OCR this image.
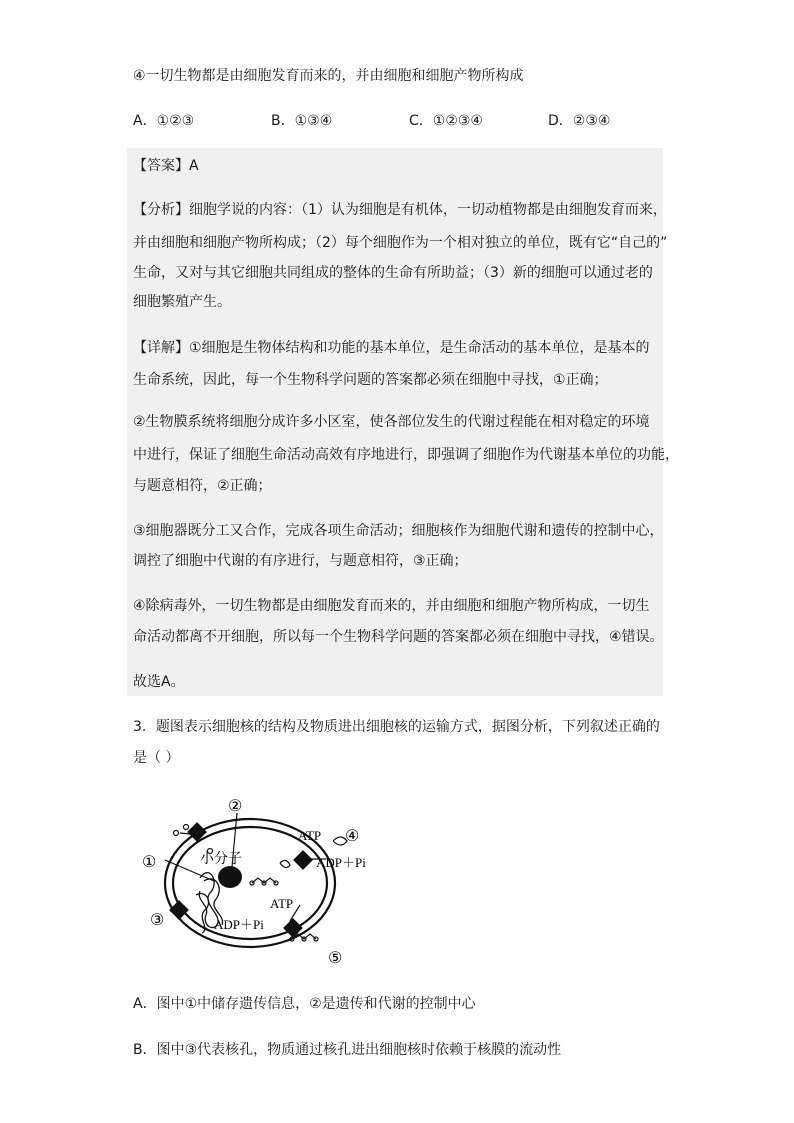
④一切生物都是由细胞发育而来的，并由细胞和细胞产物所构成
A．①②③	B．①③④	C．①②③④	D．②③④
【答案】A
【分析】细胞学说的内容：（1）认为细胞是有机体，一切动植物都是由细胞发育而来，
并由细胞和细胞产物所构成；（2）每个细胞作为一个相对独立的单位，既有它“自己的”
生命，又对与其它细胞共同组成的整体的生命有所助益；（3）新的细胞可以通过老的
细胞繁殖产生。
【详解】①细胞是生物体结构和功能的基本单位，是生命活动的基本单位，是基本的
生命系统，因此，每一个生物科学问题的答案都必须在细胞中寻找，①正确；
②生物膜系统将细胞分成许多小区室，使各部位发生的代谢过程能在相对稳定的环境
中进行，保证了细胞生命活动高效有序地进行，即强调了细胞作为代谢基本单位的功能，
与题意相符，②正确；
③细胞器既分工又合作，完成各项生命活动；细胞核作为细胞代谢和遗传的控制中心，
调控了细胞中代谢的有序进行，与题意相符，③正确；
④除病毒外，一切生物都是由细胞发育而来的，并由细胞和细胞产物所构成，一切生
命活动都离不开细胞，所以每一个生物科学问题的答案都必须在细胞中寻找，④错误。
故选A。
3．题图表示细胞核的结构及物质进出细胞核的运输方式，据图分析，下列叙述正确的
是（ ）
②
④
①
③
⑤
ATP
ADP＋Pi
ATP
ADP＋Pi
小分子
A．图中①中储存遗传信息，②是遗传和代谢的控制中心
B．图中③代表核孔，物质通过核孔进出细胞核时依赖于核膜的流动性
